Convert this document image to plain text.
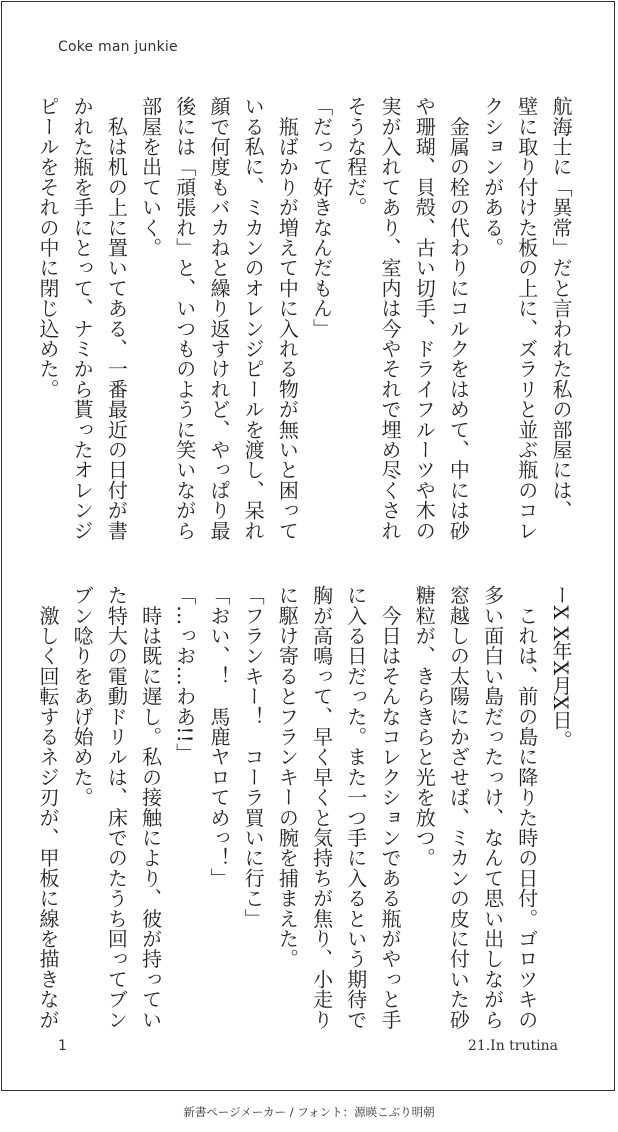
Coke man junkie
航海士に「異常」だと言われた私の部屋には、
壁に取り付けた板の上に、ズラリと並ぶ瓶のコレ
クションがある。
　金属の栓の代わりにコルクをはめて、中には砂
や珊瑚、貝殻、古い切手、ドライフルーツや木の
実が入れてあり、室内は今やそれで埋め尽くされ
そうな程だ。
「だって好きなんだもん」
　瓶ばかりが増えて中に入れる物が無いと困って
いる私に、ミカンのオレンジピールを渡し、呆れ
顔で何度もバカねと繰り返すけれど、やっぱり最
後には「頑張れ」と、いつものように笑いながら
部屋を出ていく。
　私は机の上に置いてある、一番最近の日付が書
かれた瓶を手にとって、ナミから貰ったオレンジ
ピールをそれの中に閉じ込めた。
ーX X年X月X日。
　これは、前の島に降りた時の日付。ゴロツキの
多い面白い島だったっけ、なんて思い出しながら
窓越しの太陽にかざせば、ミカンの皮に付いた砂
糖粒が、きらきらと光を放つ。
　今日はそんなコレクションである瓶がやっと手
に入る日だった。また一つ手に入るという期待で
胸が高鳴って、早く早くと気持ちが焦り、小走り
に駆け寄るとフランキーの腕を捕まえた。
「フランキー！　コーラ買いに行こ」
「おい、！　馬鹿ヤロてめっ！」
「…っお…わあ!!」
　時は既に遅し。私の接触により、彼が持ってい
た特大の電動ドリルは、床でのたうち回ってブン
ブン唸りをあげ始めた。
　激しく回転するネジ刃が、甲板に線を描きなが
1	21.In trutina
新書ページメーカー / フォント：源暎こぶり明朝
